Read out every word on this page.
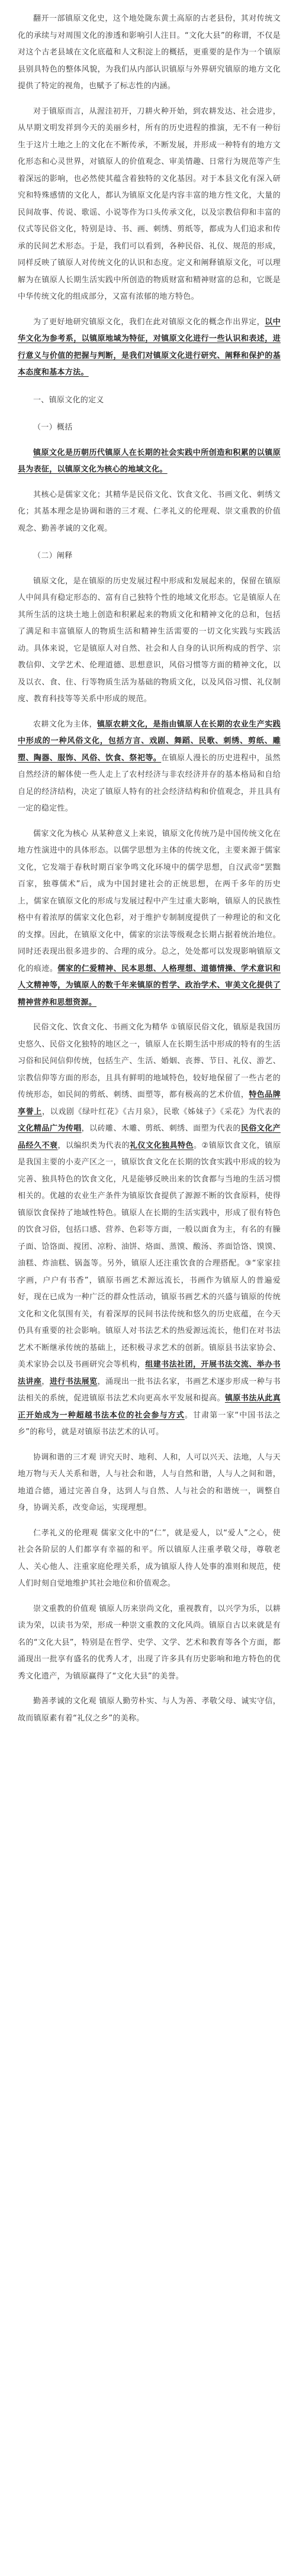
翻开一部镇原文化史，这个地处陇东黄土高原的古老县份，其对传统文化的承续与对周围文化的渗透和影响引人注目。“文化大县”的称谓，不仅是对这个古老县域在文化底蕴和人文积淀上的概括，更重要的是作为一个镇原县别具特色的整体风貌，为我们从内部认识镇原与外界研究镇原的地方文化提供了特定的视角，也赋予了标志性的内涵。

对于镇原而言，从渥洼初开，刀耕火种开始，到农耕发达、社会进步，从早期文明发祥到今天的美丽乡村，所有的历史进程的推演，无不有一种衍生于这片土地之上的文化在不断传承，不断发展，并形成一种特有的地方文化形态和心灵世界，对镇原人的价值观念、审美情趣、日常行为规范等产生着深远的影响，也必然使其蕴含着独特的文化基因。对于本县文化有深入研究和特殊感情的文化人，都认为镇原文化是内容丰富的地方性文化，大量的民间故事、传说、歌谣、小说等作为口头传承文化，以及宗教信仰和丰富的仪式等民俗文化，特别是诗、书、画、刺绣、剪纸等，都成为人们追求和传承的民间艺术形态。于是，我们可以看到，各种民俗、礼仪、规范的形成，同样反映了镇原人对传统文化的认识和态度。定义和阐释镇原文化，可以理解为在镇原人长期生活实践中所创造的物质财富和精神财富的总和，它既是中华传统文化的组成部分，又富有浓郁的地方特色。

为了更好地研究镇原文化，我们在此对镇原文化的概念作出界定，以中华文化为参考系，以镇原地域为特征，对镇原文化进行一些认识和表述，进行意义与价值的把握与判断，是我们对镇原文化进行研究、阐释和保护的基本态度和基本方法。

一、镇原文化的定义

（一）概括

镇原文化是历朝历代镇原人在长期的社会实践中所创造和积累的以镇原县为表征，以镇原文化为核心的地域文化。

其核心是儒家文化；其精华是民俗文化、饮食文化、书画文化、刺绣文化；其基本理念是协调和谐的三才观、仁孝礼义的伦理观、崇文重教的价值观念、勤善孝诚的文化观。

（二）阐释

镇原文化，是在镇原的历史发展过程中形成和发展起来的，保留在镇原人中间具有稳定形态的、富有自己独特个性的地域文化形态。它是镇原人在其所生活的这块土地上创造和积累起来的物质文化和精神文化的总和，包括了满足和丰富镇原人的物质生活和精神生活需要的一切文化实践与实践活动。具体来说，它是镇原人对自然、社会和人自身的认识所构成的哲学、宗教信仰、文学艺术、伦理道德、思想意识，风俗习惯等方面的精神文化，以及以衣、食、住、行等物质生活为基础的物质文化，以及风俗习惯、礼仪制度、教育科技等等关系中形成的规范。

农耕文化为主体，镇原农耕文化，是指由镇原人在长期的农业生产实践中形成的一种风俗文化，包括方言、戏剧、舞蹈、民歌、刺绣、剪纸、雕塑、陶器、服饰、风俗、饮食、祭祀等。在镇原人漫长的历史进程中，虽然自然经济的解体使一些人走上了农村经济与非农经济并存的基本格局和自给自足的经济结构，决定了镇原人特有的社会经济结构和价值观念，并且具有一定的稳定性。

儒家文化为核心 从某种意义上来说，镇原文化传统乃是中国传统文化在地方性演进中的具体形态。以儒学思想为主体的传统文化，主要来源于儒家文化，它发端于春秋时期百家争鸣文化环境中的儒学思想，自汉武帝“罢黜百家，独尊儒术”后，成为中国封建社会的正统思想，在两千多年的历史上，儒家在镇原文化的形成与发展过程中产生过重大影响，镇原人的民族性格中有着浓厚的儒家文化色彩，对于维护专制制度提供了一种理论的和文化的支撑。因此，在镇原文化中，儒家的宗法等级观念长期占据着统治地位。同时还表现出很多进步的、合理的成分。总之，处处都可以发现影响镇原文化的痕迹。儒家的仁爱精神、民本思想、人格理想、道德情操、学术意识和人文精神等，为镇原人的数千年来镇原的哲学、政治学术、审美文化提供了精神营养和思想资源。

民俗文化、饮食文化、书画文化为精华 ①镇原民俗文化，镇原是我国历史悠久、民俗文化独特的地区之一，镇原人在长期生活中形成的特有的生活习俗和民间信仰传统，包括生产、生活、婚姻、丧葬、节日、礼仪、游艺、宗教信仰等方面的形态，且具有鲜明的地域特色，较好地保留了一些古老的传统形态，如民间的剪纸、刺绣、面塑等，都有极高的艺术价值，特色品牌享誉上，以戏剧《绿叶红花》《古月泉》，民歌《姊妹子》《采花》为代表的文化精品广为传唱，以砖雕、木雕、剪纸、刺绣、面塑为代表的民俗文化产品经久不衰，以编织类为代表的礼仪文化独具特色。②镇原饮食文化，镇原是我国主要的小麦产区之一，镇原饮食文化在长期的饮食实践中形成的较为完善、独具特色的饮食文化，凡是能够反映出来的饮食都与当地的生活习惯相关的。优越的农业生产条件为镇原饮食提供了源源不断的饮食原料，使得镇原饮食保持了地域性特色。镇原人在长期的生活实践中，形成了很有特色的饮食习俗，包括口感、营养、色彩等方面，一般以面食为主，有名的有臊子面、饸饹面、搅团、凉粉、油饼、烙面、蒸馍、酸汤、荞面饸饹、馍馍、油糕、炸油糕、锅盔等。另外，镇原人还注重饮食的合理搭配。③“家家挂字画，户户有书香”，镇原书画艺术源远流长，书画作为镇原人的普遍爱好，现在已成为一种广泛的群众性活动，镇原书画艺术的兴盛与镇原的传统文化和文化氛围有关，有着深厚的民间书法传统和悠久的历史底蕴，在今天仍具有重要的社会影响。镇原人对书法艺术的热爱源远流长，他们在对书法艺术不断继承传统的基础上，还积极寻求艺术的创新。镇原县书法家协会、美术家协会以及书画研究会等机构，组建书法社团，开展书法交流、举办书法讲座，进行书法展览，涌现出一批书法名家，书画艺术逐步形成一种与书法相关的系统，促进镇原书法艺术向更高水平发展和提高。镇原书法从此真正开始成为一种超越书法本位的社会参与方式。甘肃第一家“中国书法之乡”的称号，就是对镇原书法艺术的认可。

协调和谐的三才观 讲究天时、地利、人和，人可以兴天、法地，人与天地万物与天人关系和谐，人与社会和谐，人与自然和谐，人与人之间和谐，地道合德，通过完善自身，达到人与自然、人与社会的和谐统一，调整自身，协调关系，改变命运，实现理想。

仁孝礼义的伦理观 儒家文化中的“仁”，就是爱人，以“爱人”之心，使社会各阶层的人们都享有幸福的和平。所以镇原人注重孝敬父母，尊敬老人、关心他人、注重家庭伦理关系，成为镇原人待人处事的准则和规范，使人们时刻自觉地维护其社会地位和价值观念。

崇文重教的价值观 镇原人历来崇尚文化，重视教育，以兴学为乐，以耕读为荣，以读书为荣，形成一种崇文重教的文化风尚。镇原自古以来就是有名的“文化大县”，特别是在哲学、史学、文学、艺术和教育等各个方面，都涌现出一批享有盛名的优秀人才，出现了许多具有历史影响和地方特色的优秀文化遗产，为镇原赢得了“文化大县”的美誉。

勤善孝诚的文化观 镇原人勤劳朴实、与人为善、孝敬父母、诚实守信，故而镇原素有着“礼仪之乡”的美称。
